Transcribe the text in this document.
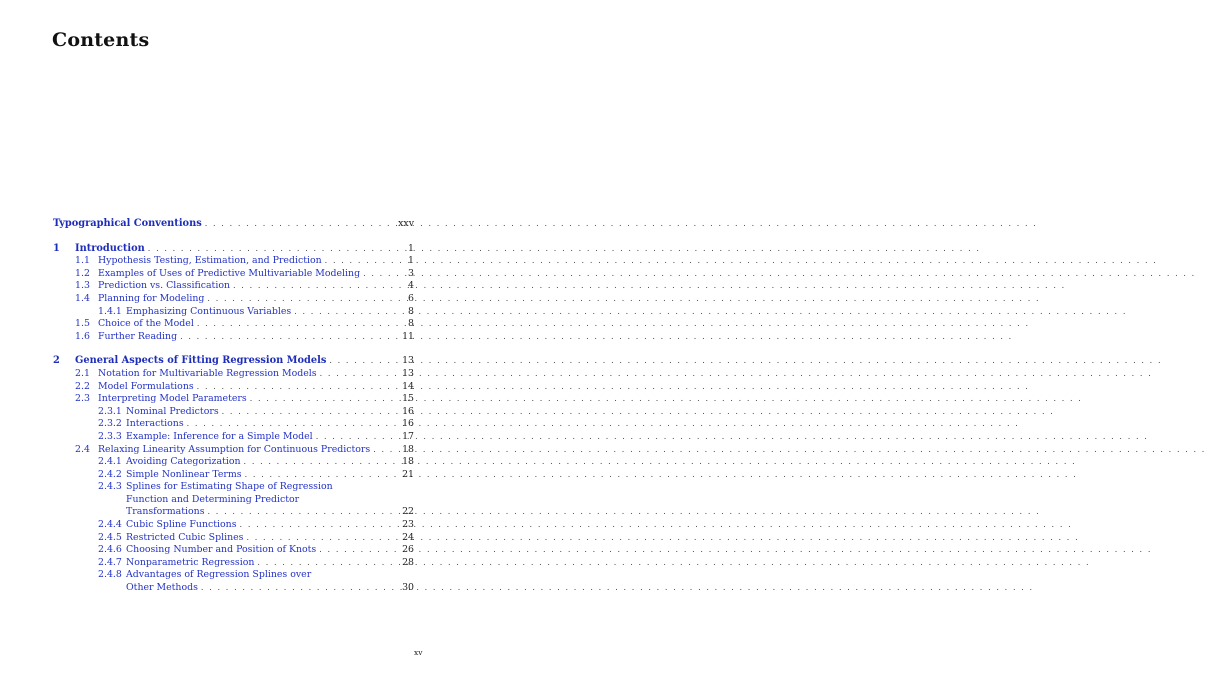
Contents
Typographical Conventions . . .	xxv
1	Introduction . . .	1
1.1 Hypothesis Testing, Estimation, and Prediction . . .	1
1.2 Examples of Uses of Predictive Multivariable Modeling . . .	3
1.3 Prediction vs. Classification . . .	4
1.4 Planning for Modeling . . .	6
1.4.1 Emphasizing Continuous Variables . . .	8
1.5 Choice of the Model . . .	8
1.6 Further Reading . . .	11
2	General Aspects of Fitting Regression Models . . .	13
2.1 Notation for Multivariable Regression Models . . .	13
2.2 Model Formulations . . .	14
2.3 Interpreting Model Parameters . . .	15
2.3.1 Nominal Predictors . . .	16
2.3.2 Interactions . . .	16
2.3.3 Example: Inference for a Simple Model . . .	17
2.4 Relaxing Linearity Assumption for Continuous Predictors . . .	18
2.4.1 Avoiding Categorization . . .	18
2.4.2 Simple Nonlinear Terms . . .	21
2.4.3 Splines for Estimating Shape of Regression
Function and Determining Predictor
Transformations . . .	22
2.4.4 Cubic Spline Functions . . .	23
2.4.5 Restricted Cubic Splines . . .	24
2.4.6 Choosing Number and Position of Knots . . .	26
2.4.7 Nonparametric Regression . . .	28
2.4.8 Advantages of Regression Splines over
Other Methods . . .	30
xv
